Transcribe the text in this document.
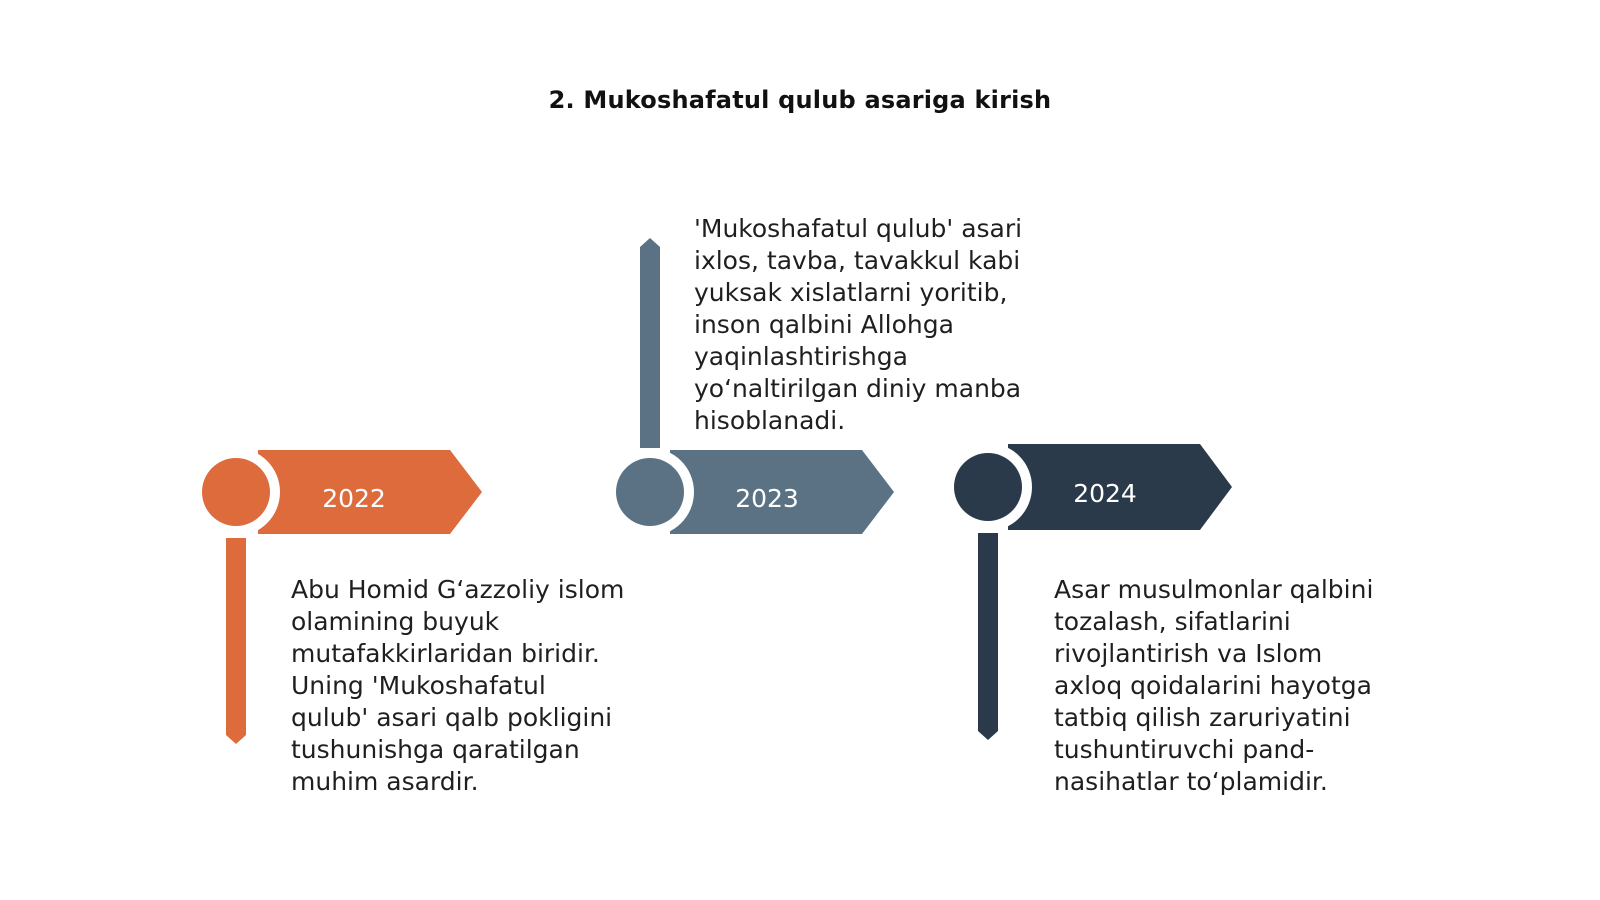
2. Mukoshafatul qulub asariga kirish
2022	2023	2024
Abu Homid G‘azzoliy islom
olamining buyuk
mutafakkirlaridan biridir.
Uning 'Mukoshafatul
qulub' asari qalb pokligini
tushunishga qaratilgan
muhim asardir.
'Mukoshafatul qulub' asari
ixlos, tavba, tavakkul kabi
yuksak xislatlarni yoritib,
inson qalbini Allohga
yaqinlashtirishga
yo‘naltirilgan diniy manba
hisoblanadi.
Asar musulmonlar qalbini
tozalash, sifatlarini
rivojlantirish va Islom
axloq qoidalarini hayotga
tatbiq qilish zaruriyatini
tushuntiruvchi pand-
nasihatlar to‘plamidir.
